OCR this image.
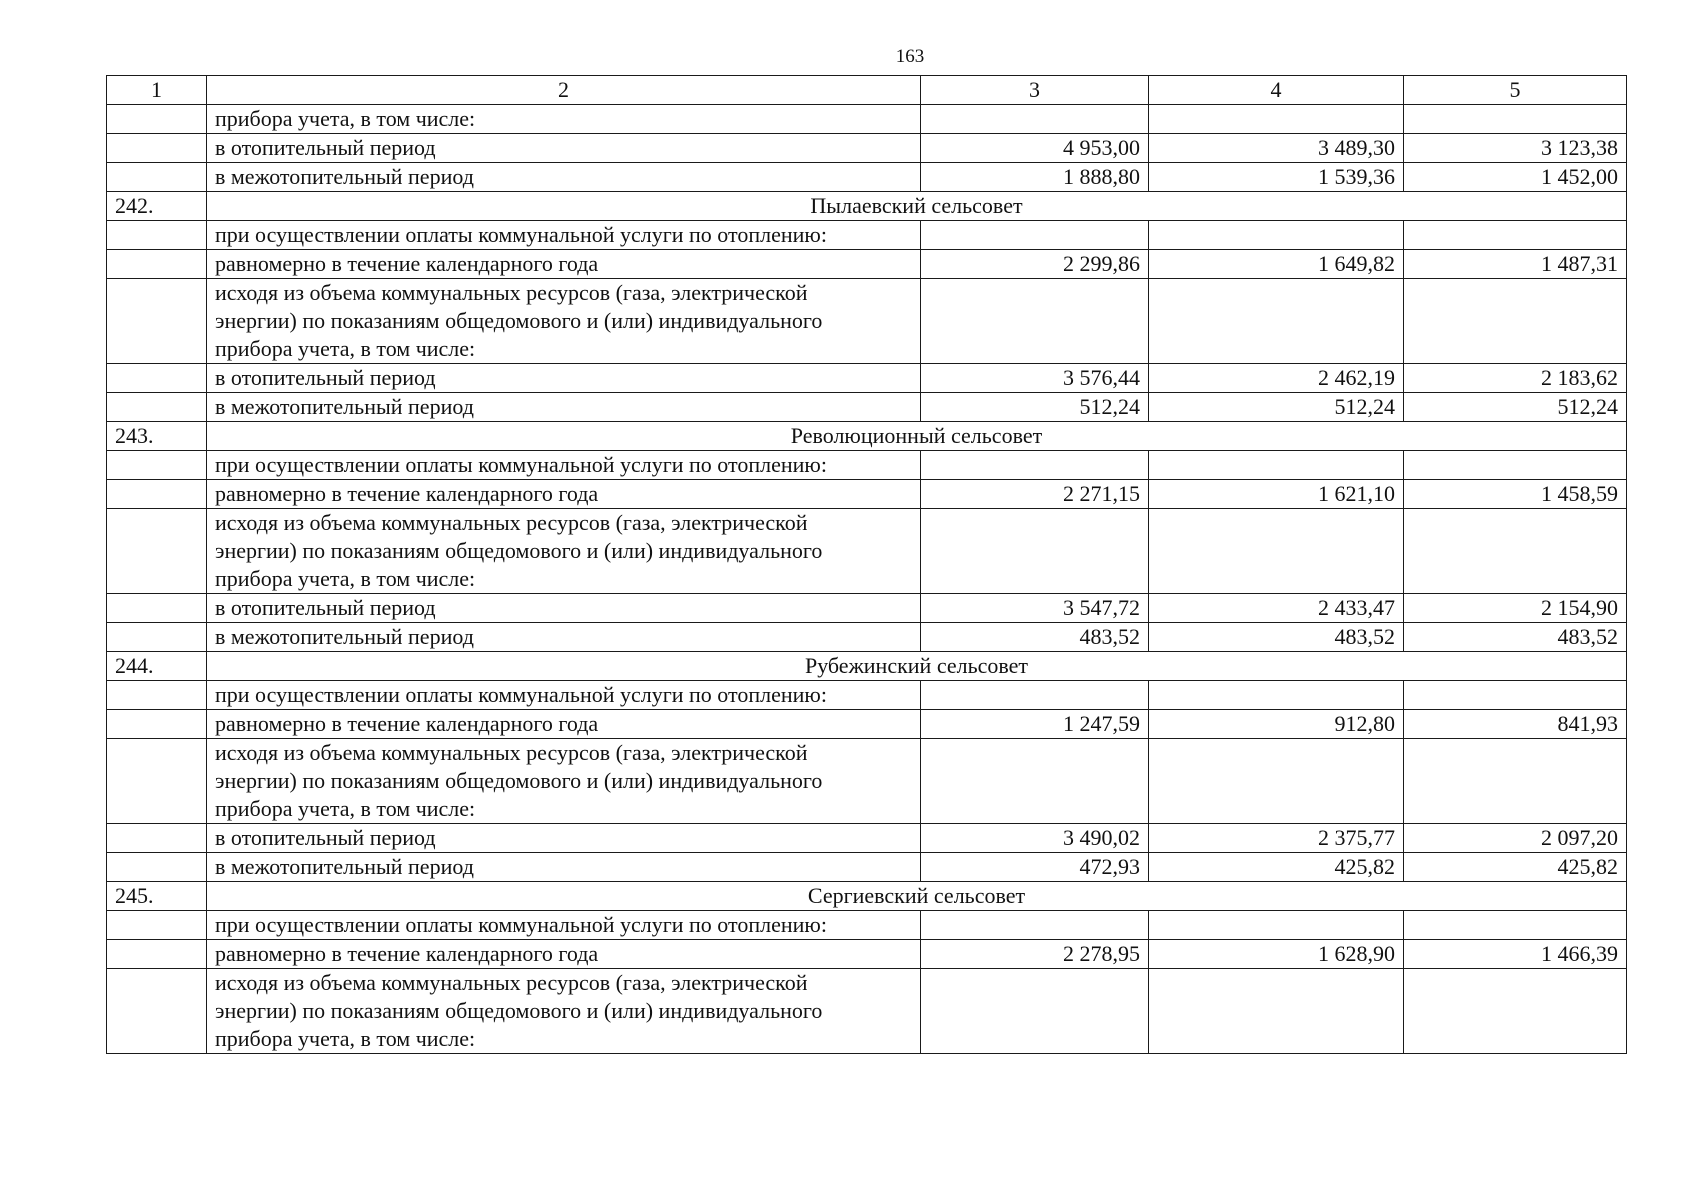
163
1	2	3	4	5
	прибора учета, в том числе:			
	в отопительный период	4 953,00	3 489,30	3 123,38
	в межотопительный период	1 888,80	1 539,36	1 452,00
242.	Пылаевский сельсовет			
	при осуществлении оплаты коммунальной услуги по отоплению:			
	равномерно в течение календарного года	2 299,86	1 649,82	1 487,31

	исходя из объема коммунальных ресурсов (газа, электрической
энергии) по показаниям общедомового и (или) индивидуального
прибора учета, в том числе:			

	в отопительный период	3 576,44	2 462,19	2 183,62
	в межотопительный период	512,24	512,24	512,24
243.	Революционный сельсовет			
	при осуществлении оплаты коммунальной услуги по отоплению:			
	равномерно в течение календарного года	2 271,15	1 621,10	1 458,59

	исходя из объема коммунальных ресурсов (газа, электрической
энергии) по показаниям общедомового и (или) индивидуального
прибора учета, в том числе:			

	в отопительный период	3 547,72	2 433,47	2 154,90
	в межотопительный период	483,52	483,52	483,52
244.	Рубежинский сельсовет			
	при осуществлении оплаты коммунальной услуги по отоплению:			
	равномерно в течение календарного года	1 247,59	912,80	841,93

	исходя из объема коммунальных ресурсов (газа, электрической
энергии) по показаниям общедомового и (или) индивидуального
прибора учета, в том числе:			

	в отопительный период	3 490,02	2 375,77	2 097,20
	в межотопительный период	472,93	425,82	425,82
245.	Сергиевский сельсовет			
	при осуществлении оплаты коммунальной услуги по отоплению:			
	равномерно в течение календарного года	2 278,95	1 628,90	1 466,39

	исходя из объема коммунальных ресурсов (газа, электрической
энергии) по показаниям общедомового и (или) индивидуального
прибора учета, в том числе:			
